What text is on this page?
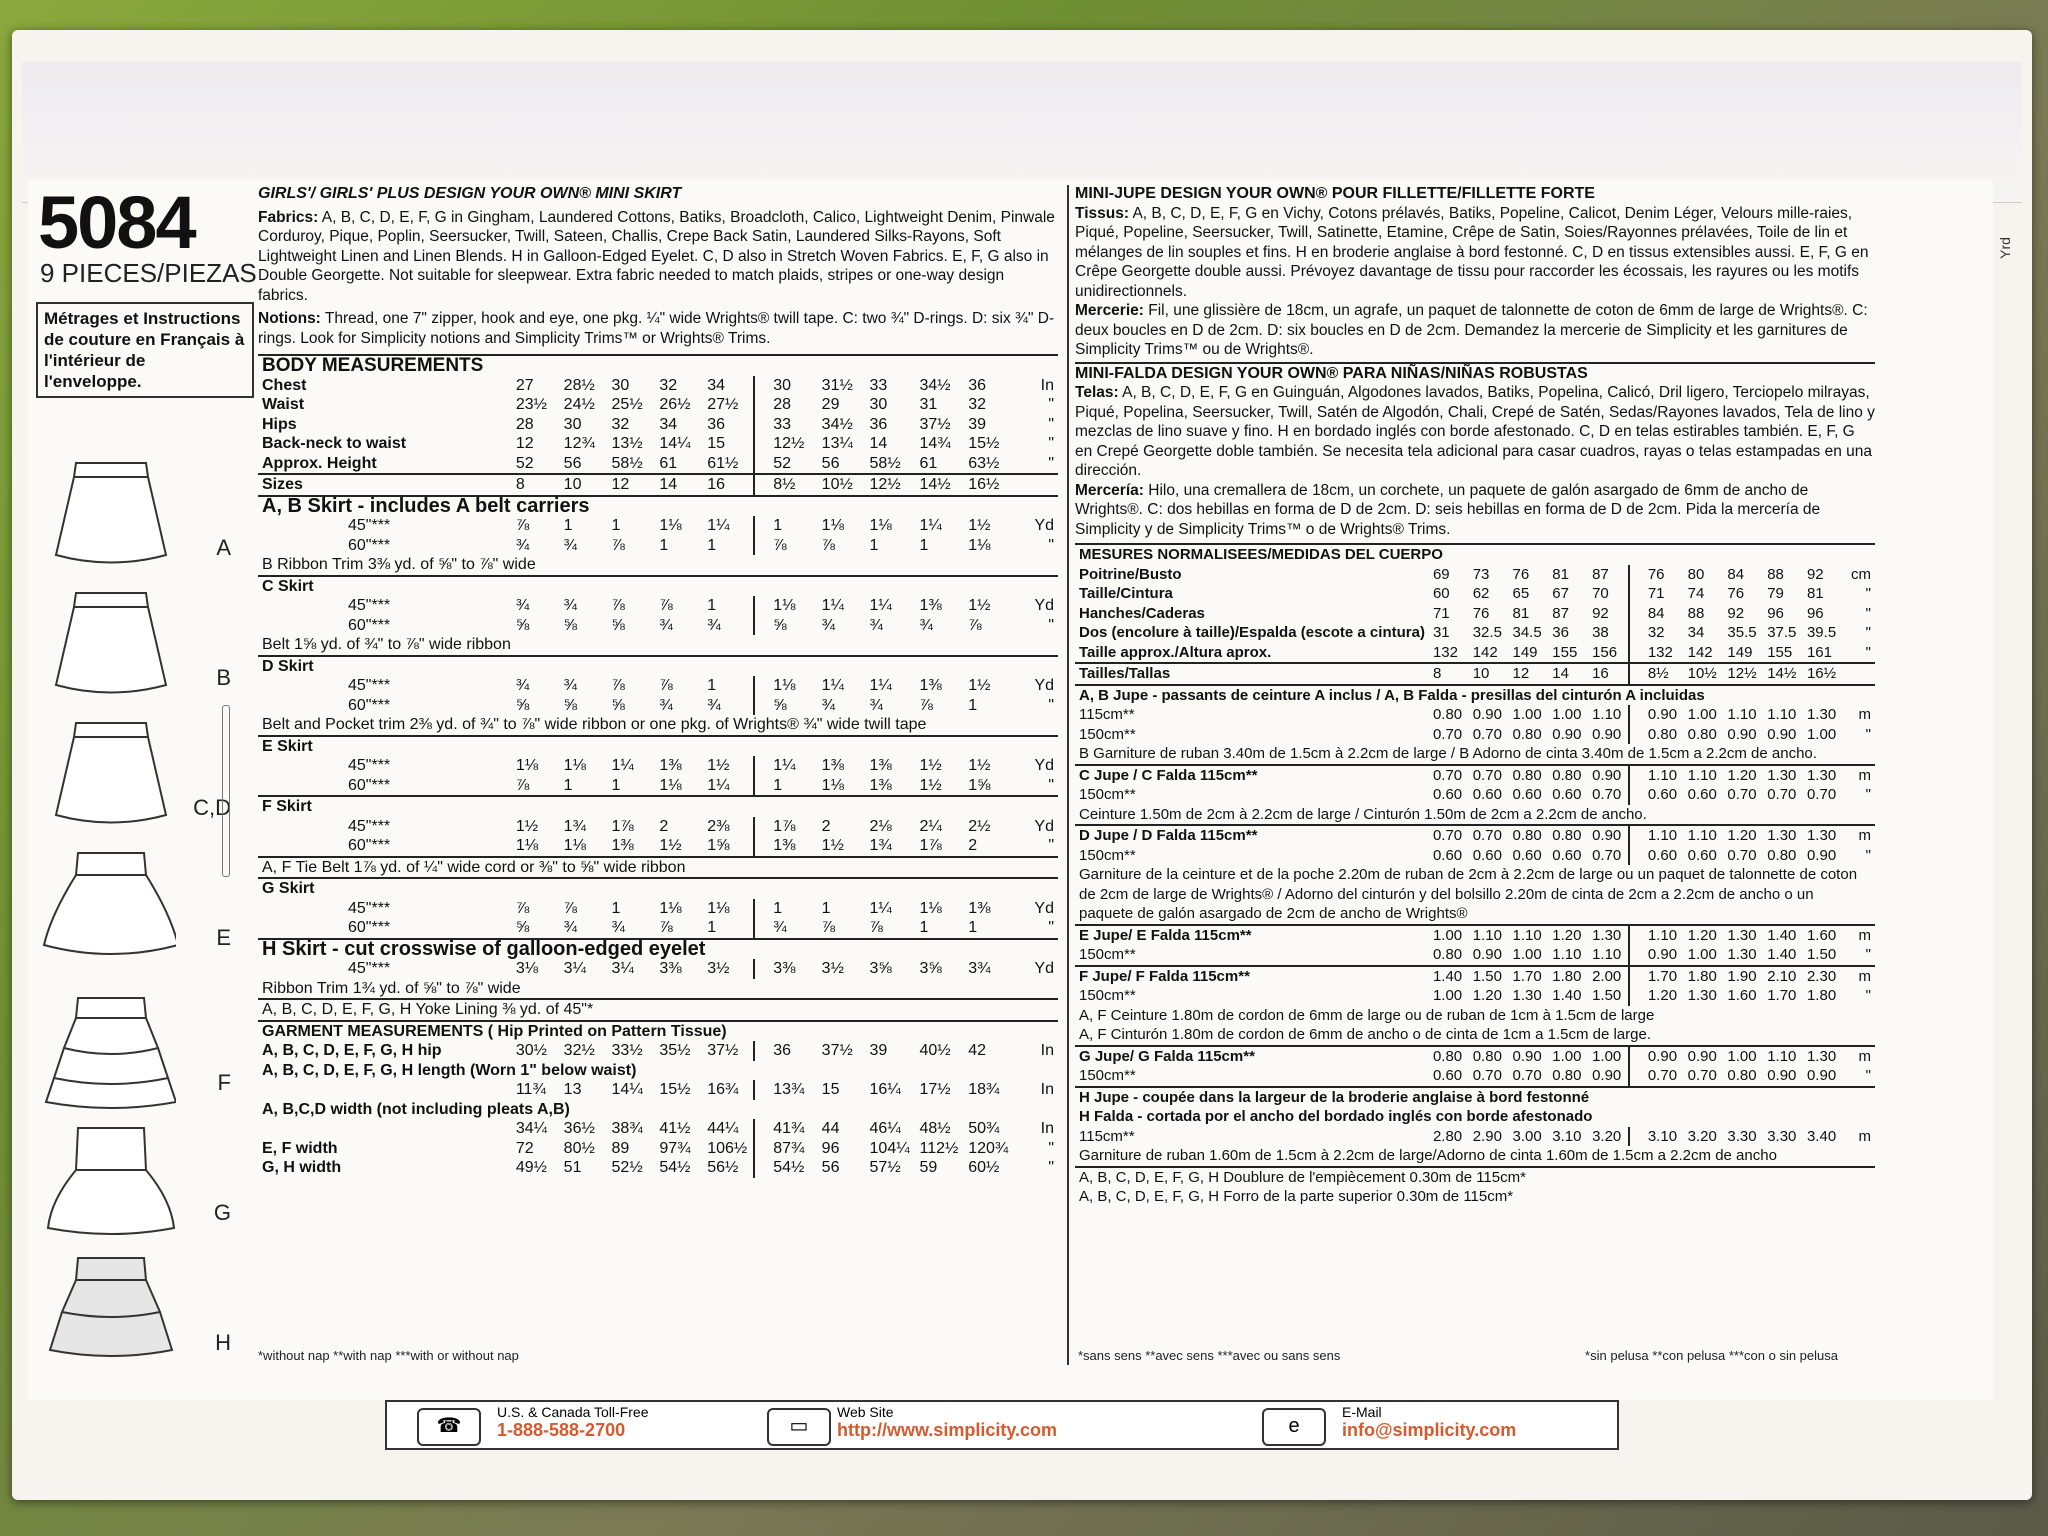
5084
9 PIECES/PIEZAS
Métrages et Instructions de couture en Français à l'intérieur de l'enveloppe.
Yrd
A
B
C,D
E
F
G
H
GIRLS'/ GIRLS' PLUS DESIGN YOUR OWN® MINI SKIRT
Fabrics: A, B, C, D, E, F, G in Gingham, Laundered Cottons, Batiks, Broadcloth, Calico, Lightweight Denim, Pinwale Corduroy, Pique, Poplin, Seersucker, Twill, Sateen, Challis, Crepe Back Satin, Laundered Silks-Rayons, Soft Lightweight Linen and Linen Blends. H in Galloon-Edged Eyelet. C, D also in Stretch Woven Fabrics. E, F, G also in Double Georgette. Not suitable for sleepwear. Extra fabric needed to match plaids, stripes or one-way design fabrics.
Notions: Thread, one 7" zipper, hook and eye, one pkg. ¼" wide Wrights® twill tape. C: two ¾" D-rings. D: six ¾" D-rings. Look for Simplicity notions and Simplicity Trims™ or Wrights® Trims.
BODY MEASUREMENTS											
Chest	27	28½	30	32	34	30	31½	33	34½	36	In
Waist	23½	24½	25½	26½	27½	28	29	30	31	32	"
Hips	28	30	32	34	36	33	34½	36	37½	39	"
Back-neck to waist	12	12¾	13½	14¼	15	12½	13¼	14	14¾	15½	"
Approx. Height	52	56	58½	61	61½	52	56	58½	61	63½	"
Sizes	8	10	12	14	16	8½	10½	12½	14½	16½	
A, B Skirt - includes A belt carriers											
45"***	⅞	1	1	1⅛	1¼	1	1⅛	1⅛	1¼	1½	Yd
60"***	¾	¾	⅞	1	1	⅞	⅞	1	1	1⅛	"
B Ribbon Trim 3⅜ yd. of ⅝" to ⅞" wide											
C Skirt											
45"***	¾	¾	⅞	⅞	1	1⅛	1¼	1¼	1⅜	1½	Yd
60"***	⅝	⅝	⅝	¾	¾	⅝	¾	¾	¾	⅞	"
Belt 1⅝ yd. of ¾" to ⅞" wide ribbon											
D Skirt											
45"***	¾	¾	⅞	⅞	1	1⅛	1¼	1¼	1⅜	1½	Yd
60"***	⅝	⅝	⅝	¾	¾	⅝	¾	¾	⅞	1	"
Belt and Pocket trim 2⅜ yd. of ¾" to ⅞" wide ribbon or one pkg. of Wrights® ¾" wide twill tape											
E Skirt											
45"***	1⅛	1⅛	1¼	1⅜	1½	1¼	1⅜	1⅜	1½	1½	Yd
60"***	⅞	1	1	1⅛	1¼	1	1⅛	1⅜	1½	1⅝	"
F Skirt											
45"***	1½	1¾	1⅞	2	2⅜	1⅞	2	2⅛	2¼	2½	Yd
60"***	1⅛	1⅛	1⅜	1½	1⅝	1⅜	1½	1¾	1⅞	2	"
A, F Tie Belt 1⅞ yd. of ¼" wide cord or ⅜" to ⅝" wide ribbon											
G Skirt											
45"***	⅞	⅞	1	1⅛	1⅛	1	1	1¼	1⅛	1⅜	Yd
60"***	⅝	¾	¾	⅞	1	¾	⅞	⅞	1	1	"
H Skirt - cut crosswise of galloon-edged eyelet											
45"***	3⅛	3¼	3¼	3⅜	3½	3⅜	3½	3⅝	3⅝	3¾	Yd
Ribbon Trim 1¾ yd. of ⅝" to ⅞" wide											
A, B, C, D, E, F, G, H Yoke Lining ⅜ yd. of 45"*											
GARMENT MEASUREMENTS ( Hip Printed on Pattern Tissue)											
A, B, C, D, E, F, G, H hip	30½	32½	33½	35½	37½	36	37½	39	40½	42	In
A, B, C, D, E, F, G, H length (Worn 1" below waist)											
	11¾	13	14¼	15½	16¾	13¾	15	16¼	17½	18¾	In
A, B,C,D width (not including pleats A,B)											
	34¼	36½	38¾	41½	44¼	41¾	44	46¼	48½	50¾	In
E, F width	72	80½	89	97¾	106½	87¾	96	104¼	112½	120¾	"
G, H width	49½	51	52½	54½	56½	54½	56	57½	59	60½	"
*without nap **with nap ***with or without nap
MINI-JUPE DESIGN YOUR OWN® POUR FILLETTE/FILLETTE FORTE
Tissus: A, B, C, D, E, F, G en Vichy, Cotons prélavés, Batiks, Popeline, Calicot, Denim Léger, Velours mille-raies, Piqué, Popeline, Seersucker, Twill, Satinette, Etamine, Crêpe de Satin, Soies/Rayonnes prélavées, Toile de lin et mélanges de lin souples et fins. H en broderie anglaise à bord festonné. C, D en tissus extensibles aussi. E, F, G en Crêpe Georgette double aussi. Prévoyez davantage de tissu pour raccorder les écossais, les rayures ou les motifs unidirectionnels.
Mercerie: Fil, une glissière de 18cm, un agrafe, un paquet de talonnette de coton de 6mm de large de Wrights®. C: deux boucles en D de 2cm. D: six boucles en D de 2cm. Demandez la mercerie de Simplicity et les garnitures de Simplicity Trims™ ou de Wrights®.
MINI-FALDA DESIGN YOUR OWN® PARA NIÑAS/NIÑAS ROBUSTAS
Telas: A, B, C, D, E, F, G en Guinguán, Algodones lavados, Batiks, Popelina, Calicó, Dril ligero, Terciopelo milrayas, Piqué, Popelina, Seersucker, Twill, Satén de Algodón, Chali, Crepé de Satén, Sedas/Rayones lavados, Tela de lino y mezclas de lino suave y fino. H en bordado inglés con borde afestonado. C, D en telas estirables también. E, F, G en Crepé Georgette doble también. Se necesita tela adicional para casar cuadros, rayas o telas estampadas en una dirección.
Mercería: Hilo, una cremallera de 18cm, un corchete, un paquete de galón asargado de 6mm de ancho de Wrights®. C: dos hebillas en forma de D de 2cm. D: seis hebillas en forma de D de 2cm. Pida la mercería de Simplicity y de Simplicity Trims™ o de Wrights® Trims.
MESURES NORMALISEES/MEDIDAS DEL CUERPO											
Poitrine/Busto	69	73	76	81	87	76	80	84	88	92	cm
Taille/Cintura	60	62	65	67	70	71	74	76	79	81	"
Hanches/Caderas	71	76	81	87	92	84	88	92	96	96	"
Dos (encolure à taille)/Espalda (escote a cintura)	31	32.5	34.5	36	38	32	34	35.5	37.5	39.5	"
Taille approx./Altura aprox.	132	142	149	155	156	132	142	149	155	161	"
Tailles/Tallas	8	10	12	14	16	8½	10½	12½	14½	16½	
A, B Jupe - passants de ceinture A inclus / A, B Falda - presillas del cinturón A incluidas											
115cm**	0.80	0.90	1.00	1.00	1.10	0.90	1.00	1.10	1.10	1.30	m
150cm**	0.70	0.70	0.80	0.90	0.90	0.80	0.80	0.90	0.90	1.00	"
B Garniture de ruban 3.40m de 1.5cm à 2.2cm de large / B Adorno de cinta 3.40m de 1.5cm a 2.2cm de ancho.											
C Jupe / C Falda 115cm**	0.70	0.70	0.80	0.80	0.90	1.10	1.10	1.20	1.30	1.30	m
150cm**	0.60	0.60	0.60	0.60	0.70	0.60	0.60	0.70	0.70	0.70	"
Ceinture 1.50m de 2cm à 2.2cm de large / Cinturón 1.50m de 2cm a 2.2cm de ancho.											
D Jupe / D Falda 115cm**	0.70	0.70	0.80	0.80	0.90	1.10	1.10	1.20	1.30	1.30	m
150cm**	0.60	0.60	0.60	0.60	0.70	0.60	0.60	0.70	0.80	0.90	"
Garniture de la ceinture et de la poche 2.20m de ruban de 2cm à 2.2cm de large ou un paquet de talonnette de coton de 2cm de large de Wrights® / Adorno del cinturón y del bolsillo 2.20m de cinta de 2cm a 2.2cm de ancho o un paquete de galón asargado de 2cm de ancho de Wrights®											
E Jupe/ E Falda 115cm**	1.00	1.10	1.10	1.20	1.30	1.10	1.20	1.30	1.40	1.60	m
150cm**	0.80	0.90	1.00	1.10	1.10	0.90	1.00	1.30	1.40	1.50	"
F Jupe/ F Falda 115cm**	1.40	1.50	1.70	1.80	2.00	1.70	1.80	1.90	2.10	2.30	m
150cm**	1.00	1.20	1.30	1.40	1.50	1.20	1.30	1.60	1.70	1.80	"
A, F Ceinture 1.80m de cordon de 6mm de large ou de ruban de 1cm à 1.5cm de large											
A, F Cinturón 1.80m de cordon de 6mm de ancho o de cinta de 1cm a 1.5cm de large.											
G Jupe/ G Falda 115cm**	0.80	0.80	0.90	1.00	1.00	0.90	0.90	1.00	1.10	1.30	m
150cm**	0.60	0.70	0.70	0.80	0.90	0.70	0.70	0.80	0.90	0.90	"
H Jupe - coupée dans la largeur de la broderie anglaise à bord festonné											
H Falda - cortada por el ancho del bordado inglés con borde afestonado											
115cm**	2.80	2.90	3.00	3.10	3.20	3.10	3.20	3.30	3.30	3.40	m
Garniture de ruban 1.60m de 1.5cm à 2.2cm de large/Adorno de cinta 1.60m de 1.5cm a 2.2cm de ancho											
A, B, C, D, E, F, G, H Doublure de l'empiècement 0.30m de 115cm*											
A, B, C, D, E, F, G, H Forro de la parte superior 0.30m de 115cm*											
*sans sens **avec sens ***avec ou sans sens	*sin pelusa **con pelusa ***con o sin pelusa
☎
U.S. & Canada Toll-Free
1-888-588-2700	▭
Web Site
http://www.simplicity.com	e
E-Mail
info@simplicity.com
